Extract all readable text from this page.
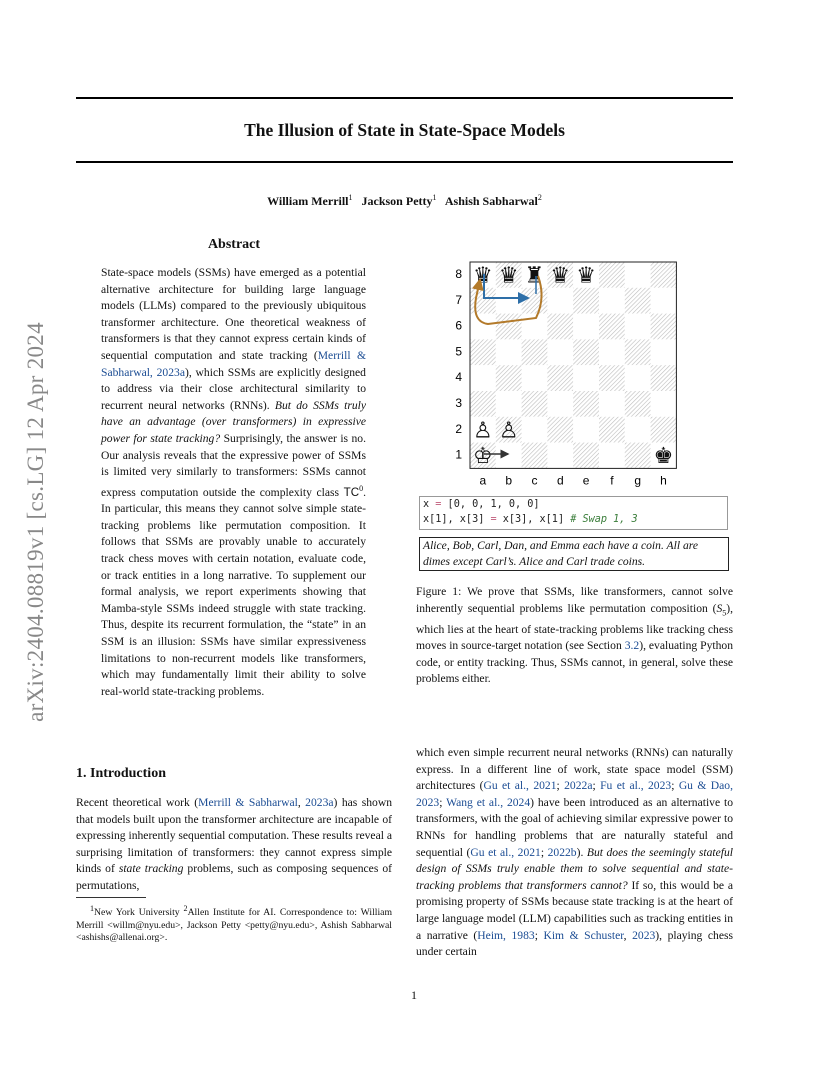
The Illusion of State in State-Space Models
William Merrill$^1$ Jackson Petty$^1$ Ashish Sabharwal$^2$
arXiv:2404.08819v1 [cs.LG] 12 Apr 2024
Abstract

State-space models (SSMs) have emerged as a potential alternative architecture for building large language models (LLMs) compared to the previously ubiquitous transformer architecture. One theoretical weakness of transformers is that they cannot express certain kinds of sequential computation and state tracking (Merrill & Sabharwal, 2023a), which SSMs are explicitly designed to address via their close architectural similarity to recurrent neural networks (RNNs). But do SSMs truly have an advantage (over transformers) in expressive power for state tracking? Surprisingly, the answer is no. Our analysis reveals that the expressive power of SSMs is limited very similarly to transformers: SSMs cannot express computation outside the complexity class $TC^0$. In particular, this means they cannot solve simple state-tracking problems like permutation composition. It follows that SSMs are provably unable to accurately track chess moves with certain notation, evaluate code, or track entities in a long narrative. To supplement our formal analysis, we report experiments showing that Mamba-style SSMs indeed struggle with state tracking. Thus, despite its recurrent formulation, the “state” in an SSM is an illusion: SSMs have similar expressiveness limitations to non-recurrent models like transformers, which may fundamentally limit their ability to solve real-world state-tracking problems.

1. Introduction

Recent theoretical work (Merrill & Sabharwal, 2023a) has shown that models built upon the transformer architecture are incapable of expressing inherently sequential computation. These results reveal a surprising limitation of transformers: they cannot express simple kinds of state tracking problems, such as composing sequences of permutations,

$^1$New York University $^2$Allen Institute for AI. Correspondence to: William Merrill <willm@nyu.edu>, Jackson Petty <petty@nyu.edu>, Ashish Sabharwal <ashishs@allenai.org>.
♛ ♛ ♜ ♛ ♛
♙ ♙
♔	♚
8
7
6
5
4
3
2
1
a b c d e f g h
x = [0, 0, 1, 0, 0]
x[1], x[3] = x[3], x[1] # Swap 1, 3
Alice, Bob, Carl, Dan, and Emma each have a coin. All are dimes except Carl’s. Alice and Carl trade coins.
Figure 1: We prove that SSMs, like transformers, cannot solve inherently sequential problems like permutation composition $(S_5)$, which lies at the heart of state-tracking problems like tracking chess moves in source-target notation (see Section 3.2), evaluating Python code, or entity tracking. Thus, SSMs cannot, in general, solve these problems either.

which even simple recurrent neural networks (RNNs) can naturally express. In a different line of work, state space model (SSM) architectures (Gu et al., 2021; 2022a; Fu et al., 2023; Gu & Dao, 2023; Wang et al., 2024) have been introduced as an alternative to transformers, with the goal of achieving similar expressive power to RNNs for handling problems that are naturally stateful and sequential (Gu et al., 2021; 2022b). But does the seemingly stateful design of SSMs truly enable them to solve sequential and state-tracking problems that transformers cannot? If so, this would be a promising property of SSMs because state tracking is at the heart of large language model (LLM) capabilities such as tracking entities in a narrative (Heim, 1983; Kim & Schuster, 2023), playing chess under certain

1
